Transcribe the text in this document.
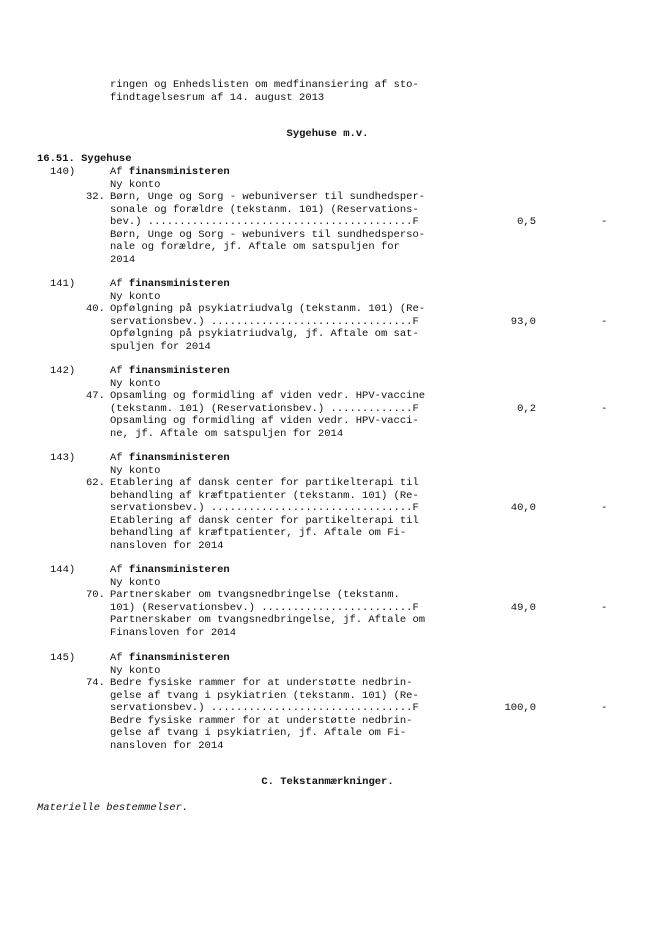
ringen og Enhedslisten om medfinansiering af sto-
findtagelsesrum af 14. august 2013
Sygehuse m.v.
16.51. Sygehuse
140)	Af finansministeren
Ny konto
32. Børn, Unge og Sorg - webuniverser til sundhedsper-
sonale og forældre (tekstanm. 101) (Reservations-
bev.) ..........................................F
Børn, Unge og Sorg - webunivers til sundhedsperso-
nale og forældre, jf. Aftale om satspuljen for
2014
0,5	-
141)	Af finansministeren
Ny konto
40. Opfølgning på psykiatriudvalg (tekstanm. 101) (Re-
servationsbev.) ................................F
Opfølgning på psykiatriudvalg, jf. Aftale om sat-
spuljen for 2014
93,0	-
142)	Af finansministeren
Ny konto
47. Opsamling og formidling af viden vedr. HPV-vaccine
(tekstanm. 101) (Reservationsbev.) .............F
Opsamling og formidling af viden vedr. HPV-vacci-
ne, jf. Aftale om satspuljen for 2014
0,2	-
143)	Af finansministeren
Ny konto
62. Etablering af dansk center for partikelterapi til
behandling af kræftpatienter (tekstanm. 101) (Re-
servationsbev.) ................................F
Etablering af dansk center for partikelterapi til
behandling af kræftpatienter, jf. Aftale om Fi-
nansloven for 2014
40,0	-
144)	Af finansministeren
Ny konto
70. Partnerskaber om tvangsnedbringelse (tekstanm.
101) (Reservationsbev.) ........................F
Partnerskaber om tvangsnedbringelse, jf. Aftale om
Finansloven for 2014
49,0	-
145)	Af finansministeren
Ny konto
74. Bedre fysiske rammer for at understøtte nedbrin-
gelse af tvang i psykiatrien (tekstanm. 101) (Re-
servationsbev.) ................................F
Bedre fysiske rammer for at understøtte nedbrin-
gelse af tvang i psykiatrien, jf. Aftale om Fi-
nansloven for 2014
100,0	-
C. Tekstanmærkninger.
Materielle bestemmelser.
